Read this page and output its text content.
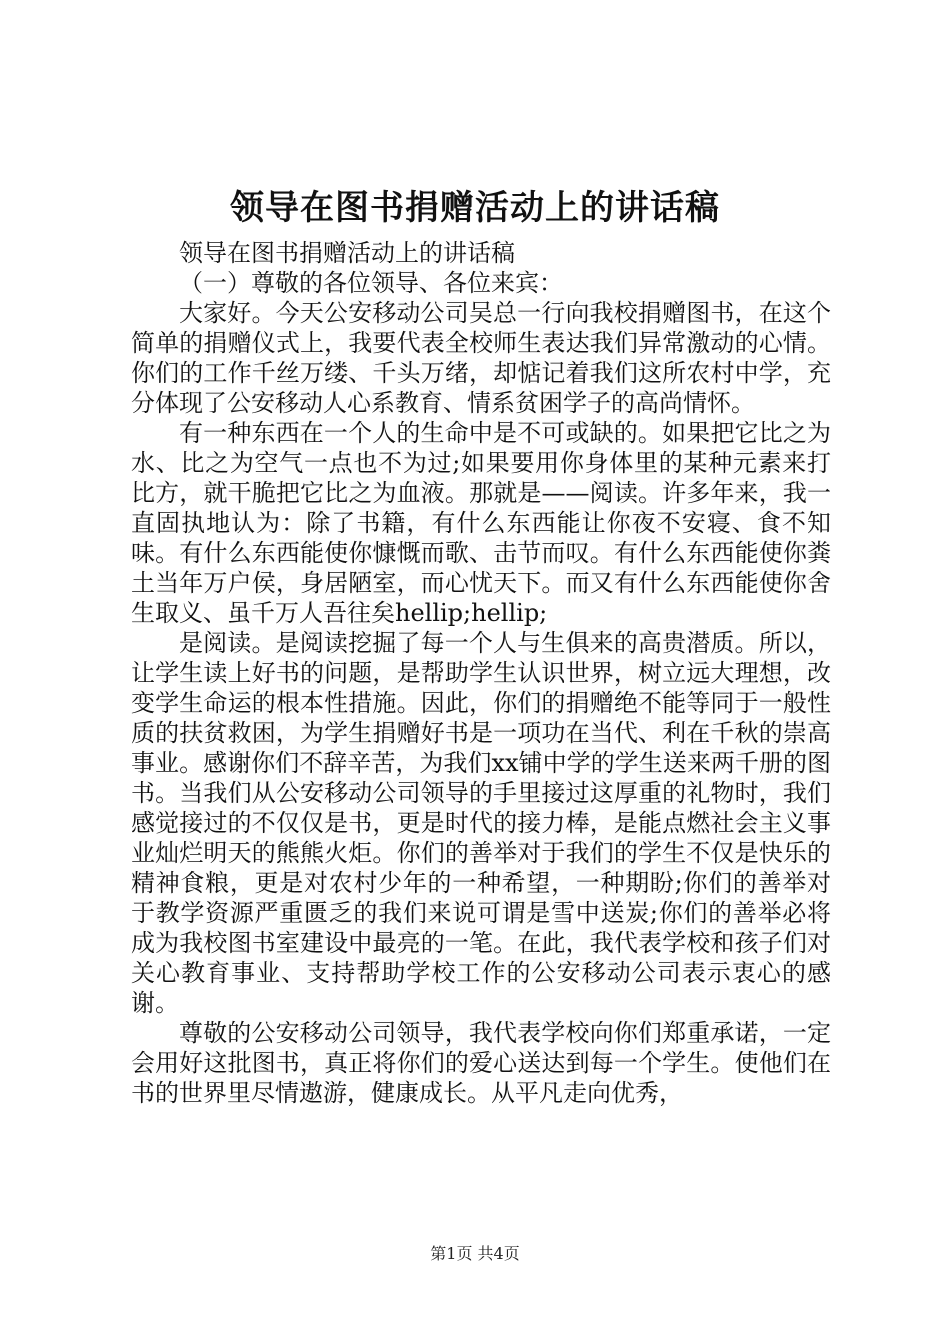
领导在图书捐赠活动上的讲话稿

领导在图书捐赠活动上的讲话稿

（一）尊敬的各位领导、各位来宾：

大家好。今天公安移动公司吴总一行向我校捐赠图书，在这个简单的捐赠仪式上，我要代表全校师生表达我们异常激动的心情。你们的工作千丝万缕、千头万绪，却惦记着我们这所农村中学，充分体现了公安移动人心系教育、情系贫困学子的高尚情怀。

有一种东西在一个人的生命中是不可或缺的。如果把它比之为水、比之为空气一点也不为过;如果要用你身体里的某种元素来打比方，就干脆把它比之为血液。那就是——阅读。许多年来，我一直固执地认为：除了书籍，有什么东西能让你夜不安寝、食不知味。有什么东西能使你慷慨而歌、击节而叹。有什么东西能使你粪土当年万户侯，身居陋室，而心忧天下。而又有什么东西能使你舍生取义、虽千万人吾往矣hellip;hellip;

是阅读。是阅读挖掘了每一个人与生俱来的高贵潜质。所以，让学生读上好书的问题，是帮助学生认识世界，树立远大理想，改变学生命运的根本性措施。因此，你们的捐赠绝不能等同于一般性质的扶贫救困，为学生捐赠好书是一项功在当代、利在千秋的崇高事业。感谢你们不辞辛苦，为我们xx铺中学的学生送来两千册的图书。当我们从公安移动公司领导的手里接过这厚重的礼物时，我们感觉接过的不仅仅是书，更是时代的接力棒，是能点燃社会主义事业灿烂明天的熊熊火炬。你们的善举对于我们的学生不仅是快乐的精神食粮，更是对农村少年的一种希望，一种期盼;你们的善举对于教学资源严重匮乏的我们来说可谓是雪中送炭;你们的善举必将成为我校图书室建设中最亮的一笔。在此，我代表学校和孩子们对关心教育事业、支持帮助学校工作的公安移动公司表示衷心的感谢。

尊敬的公安移动公司领导，我代表学校向你们郑重承诺，一定会用好这批图书，真正将你们的爱心送达到每一个学生。使他们在书的世界里尽情遨游，健康成长。从平凡走向优秀，

第1页 共4页
